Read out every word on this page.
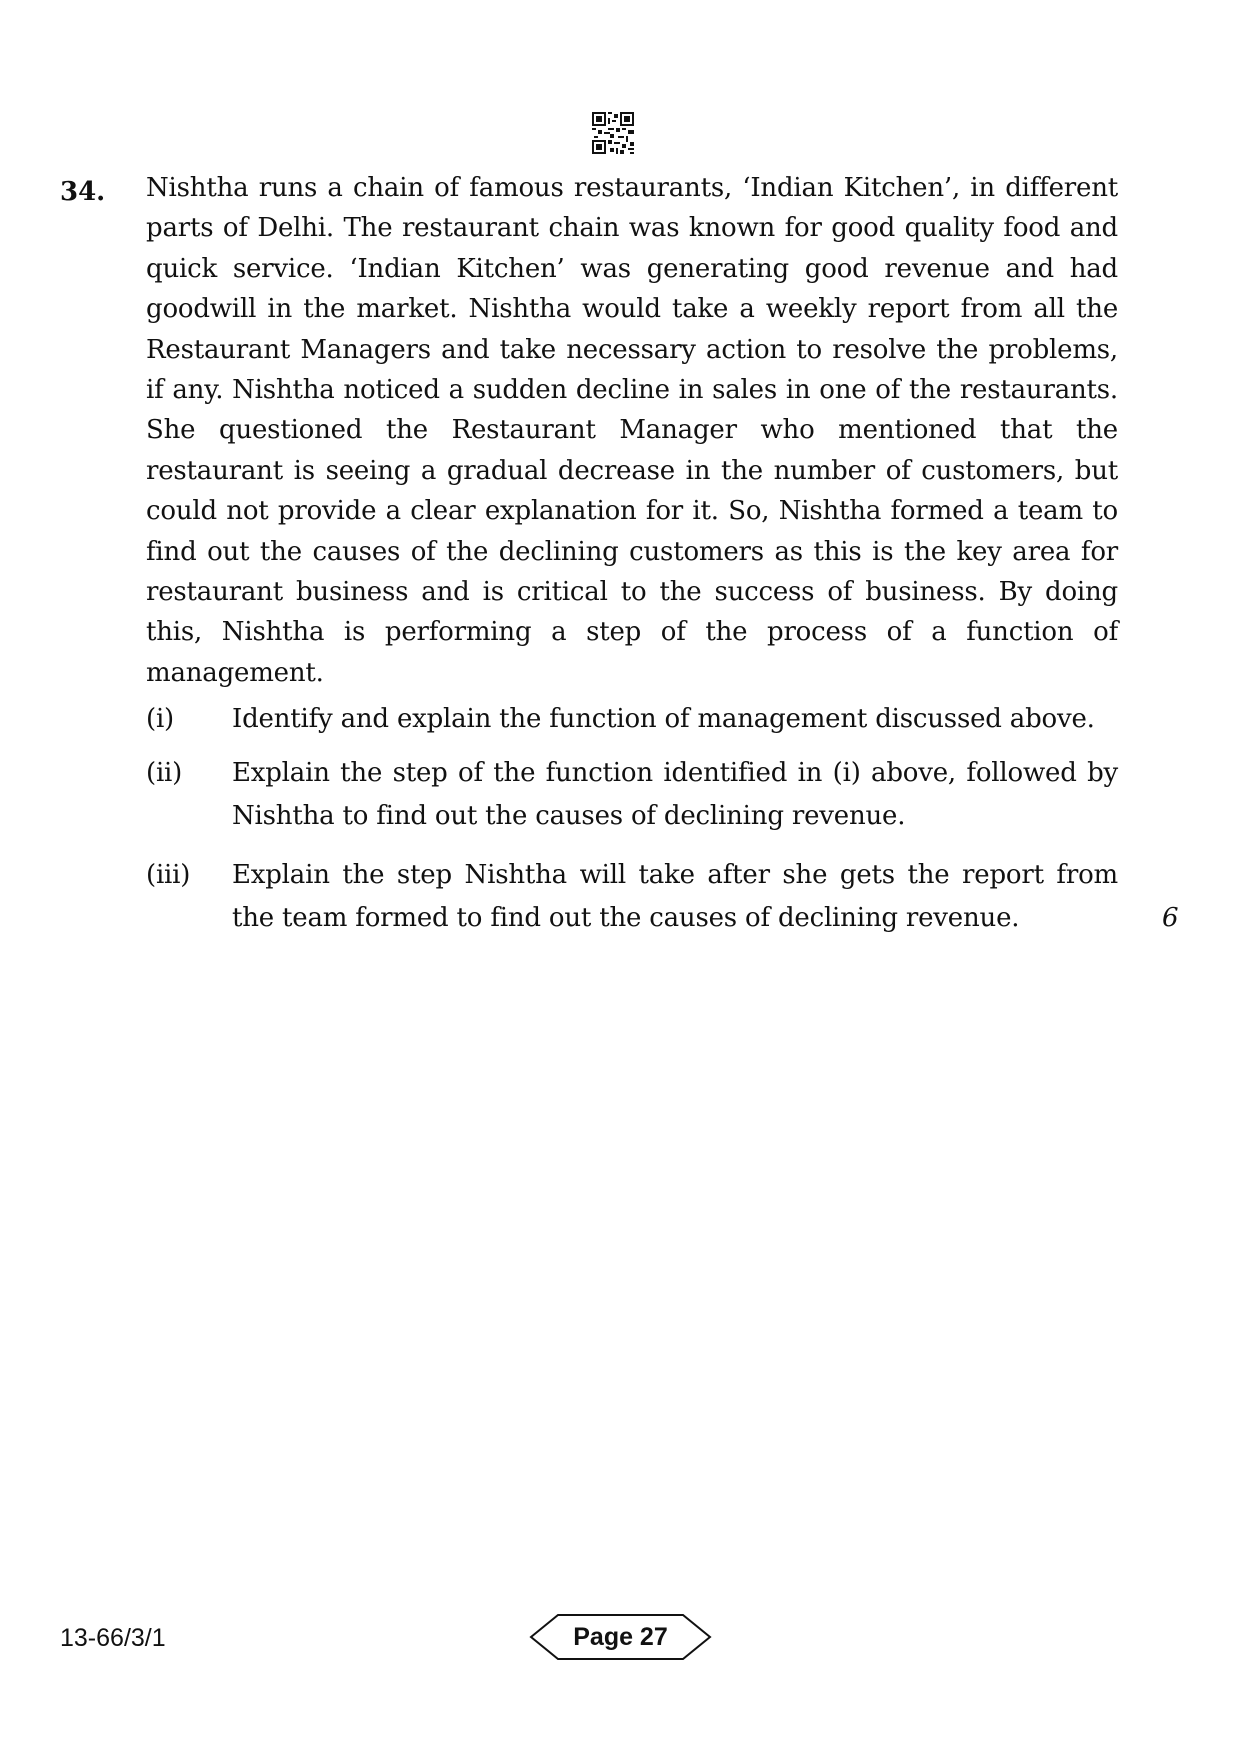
34. Nishtha runs a chain of famous restaurants, ‘Indian Kitchen’, in different parts of Delhi. The restaurant chain was known for good quality food and quick service. ‘Indian Kitchen’ was generating good revenue and had goodwill in the market. Nishtha would take a weekly report from all the Restaurant Managers and take necessary action to resolve the problems, if any. Nishtha noticed a sudden decline in sales in one of the restaurants. She questioned the Restaurant Manager who mentioned that the restaurant is seeing a gradual decrease in the number of customers, but could not provide a clear explanation for it. So, Nishtha formed a team to find out the causes of the declining customers as this is the key area for restaurant business and is critical to the success of business. By doing this, Nishtha is performing a step of the process of a function of management.

(i) Identify and explain the function of management discussed above.
(ii) Explain the step of the function identified in (i) above, followed by Nishtha to find out the causes of declining revenue.
(iii) Explain the step Nishtha will take after she gets the report from the team formed to find out the causes of declining revenue.	6
13-66/3/1	Page 27
